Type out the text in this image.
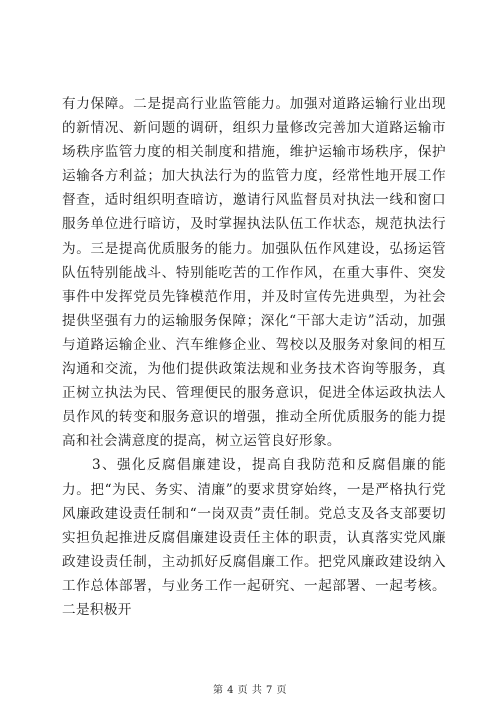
有力保障。二是提高行业监管能力。加强对道路运输行业出现的新情况、新问题的调研，组织力量修改完善加大道路运输市场秩序监管力度的相关制度和措施，维护运输市场秩序，保护运输各方利益；加大执法行为的监管力度，经常性地开展工作督查，适时组织明查暗访，邀请行风监督员对执法一线和窗口服务单位进行暗访，及时掌握执法队伍工作状态，规范执法行为。三是提高优质服务的能力。加强队伍作风建设，弘扬运管队伍特别能战斗、特别能吃苦的工作作风，在重大事件、突发事件中发挥党员先锋模范作用，并及时宣传先进典型，为社会提供坚强有力的运输服务保障；深化“干部大走访”活动，加强与道路运输企业、汽车维修企业、驾校以及服务对象间的相互沟通和交流，为他们提供政策法规和业务技术咨询等服务，真正树立执法为民、管理便民的服务意识，促进全体运政执法人员作风的转变和服务意识的增强，推动全所优质服务的能力提高和社会满意度的提高，树立运管良好形象。

　　3、强化反腐倡廉建设，提高自我防范和反腐倡廉的能力。把“为民、务实、清廉”的要求贯穿始终，一是严格执行党风廉政建设责任制和“一岗双责”责任制。党总支及各支部要切实担负起推进反腐倡廉建设责任主体的职责，认真落实党风廉政建设责任制，主动抓好反腐倡廉工作。把党风廉政建设纳入工作总体部署，与业务工作一起研究、一起部署、一起考核。二是积极开

第 4 页 共 7 页
